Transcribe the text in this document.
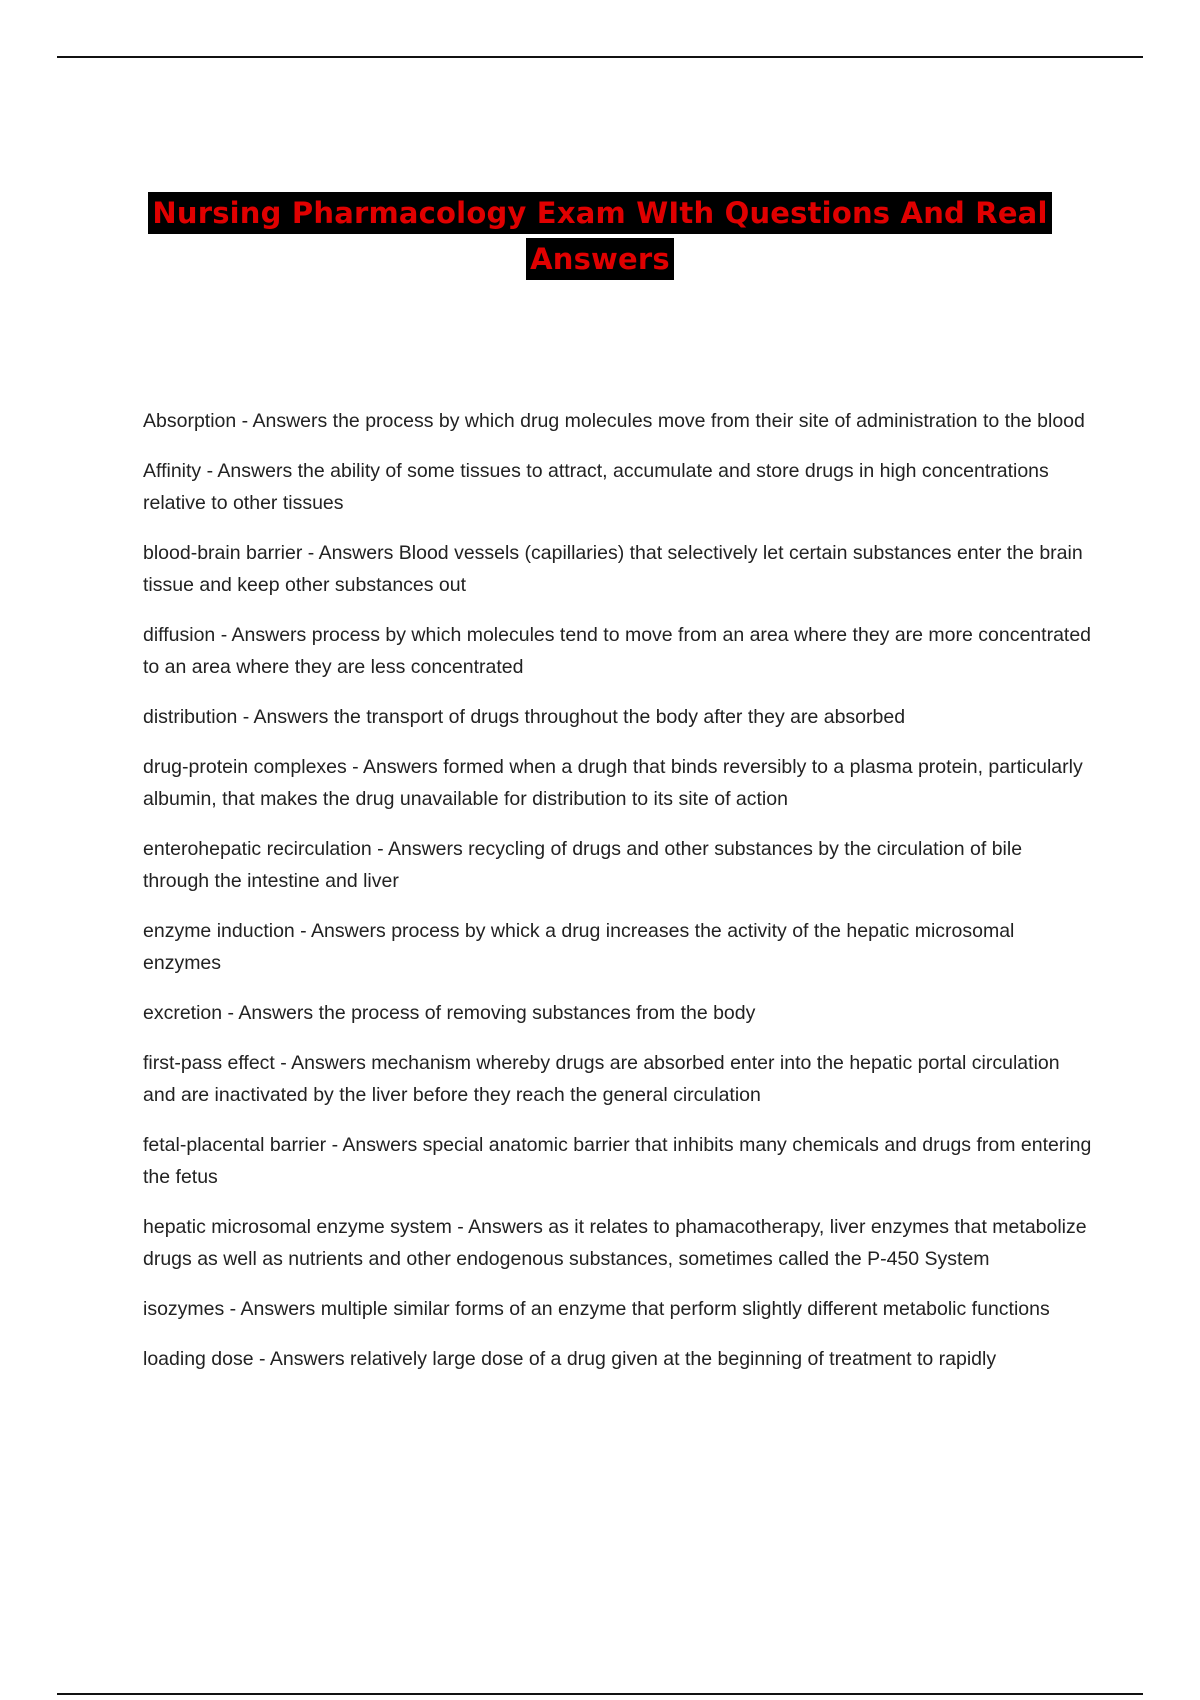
Nursing Pharmacology Exam WIth Questions And Real
Answers

Absorption - Answers the process by which drug molecules move from their site of administration to the blood

Affinity - Answers the ability of some tissues to attract, accumulate and store drugs in high concentrations relative to other tissues

blood-brain barrier - Answers Blood vessels (capillaries) that selectively let certain substances enter the brain tissue and keep other substances out

diffusion - Answers process by which molecules tend to move from an area where they are more concentrated to an area where they are less concentrated

distribution - Answers the transport of drugs throughout the body after they are absorbed

drug-protein complexes - Answers formed when a drugh that binds reversibly to a plasma protein, particularly albumin, that makes the drug unavailable for distribution to its site of action

enterohepatic recirculation - Answers recycling of drugs and other substances by the circulation of bile through the intestine and liver

enzyme induction - Answers process by whick a drug increases the activity of the hepatic microsomal enzymes

excretion - Answers the process of removing substances from the body

first-pass effect - Answers mechanism whereby drugs are absorbed enter into the hepatic portal circulation and are inactivated by the liver before they reach the general circulation

fetal-placental barrier - Answers special anatomic barrier that inhibits many chemicals and drugs from entering the fetus

hepatic microsomal enzyme system - Answers as it relates to phamacotherapy, liver enzymes that metabolize drugs as well as nutrients and other endogenous substances, sometimes called the P-450 System

isozymes - Answers multiple similar forms of an enzyme that perform slightly different metabolic functions

loading dose - Answers relatively large dose of a drug given at the beginning of treatment to rapidly
